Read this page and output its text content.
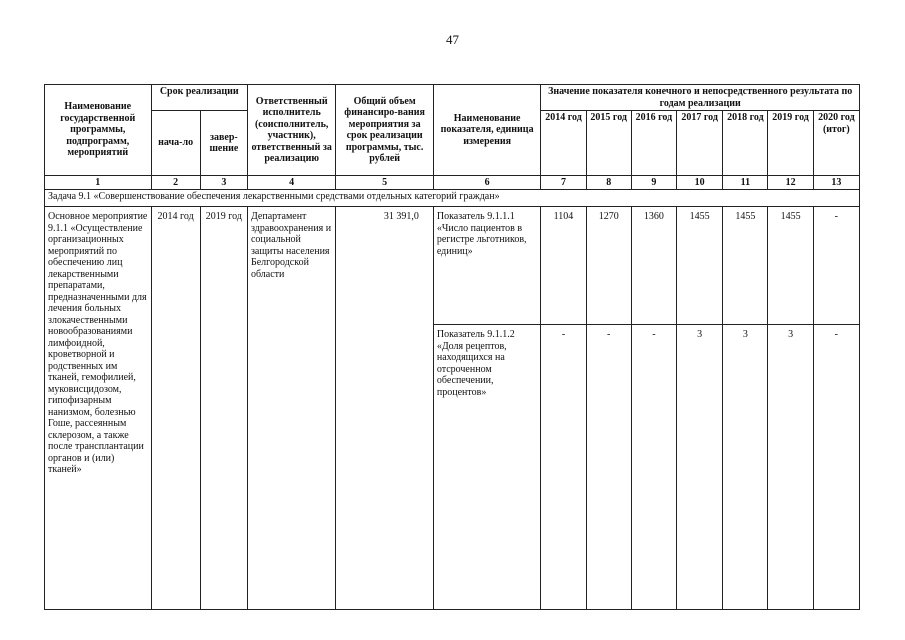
47
Наименование государственной программы, подпрограмм, мероприятий	Срок реализации		Ответственный исполнитель (соисполнитель, участник), ответственный за реализацию	Общий объем финансиро-вания мероприятия за срок реализации программы, тыс. рублей	Наименование показателя, единица измерения	Значение показателя конечного и непосредственного результата по годам реализации						
	нача-ло	завер-шение				2014 год	2015 год	2016 год	2017 год	2018 год	2019 год	2020 год (итог)
1	2	3	4	5	6	7	8	9	10	11	12	13
Задача 9.1 «Совершенствование обеспечения лекарственными средствами отдельных категорий граждан»												
Основное мероприятие 9.1.1 «Осуществление организационных мероприятий по обеспечению лиц лекарственными препаратами, предназначенными для лечения больных злокачественными новообразованиями лимфоидной, кроветворной и родственных им тканей, гемофилией, муковисцидозом, гипофизарным нанизмом, болезнью Гоше, рассеянным склерозом, а также после трансплантации органов и (или) тканей»	2014 год	2019 год	Департамент здравоохранения и социальной защиты населения Белгородской области	31 391,0	Показатель 9.1.1.1 «Число пациентов в регистре льготников, единиц»	1104	1270	1360	1455	1455	1455	-
					Показатель 9.1.1.2 «Доля рецептов, находящихся на отсроченном обеспечении, процентов»	-	-	-	3	3	3	-
